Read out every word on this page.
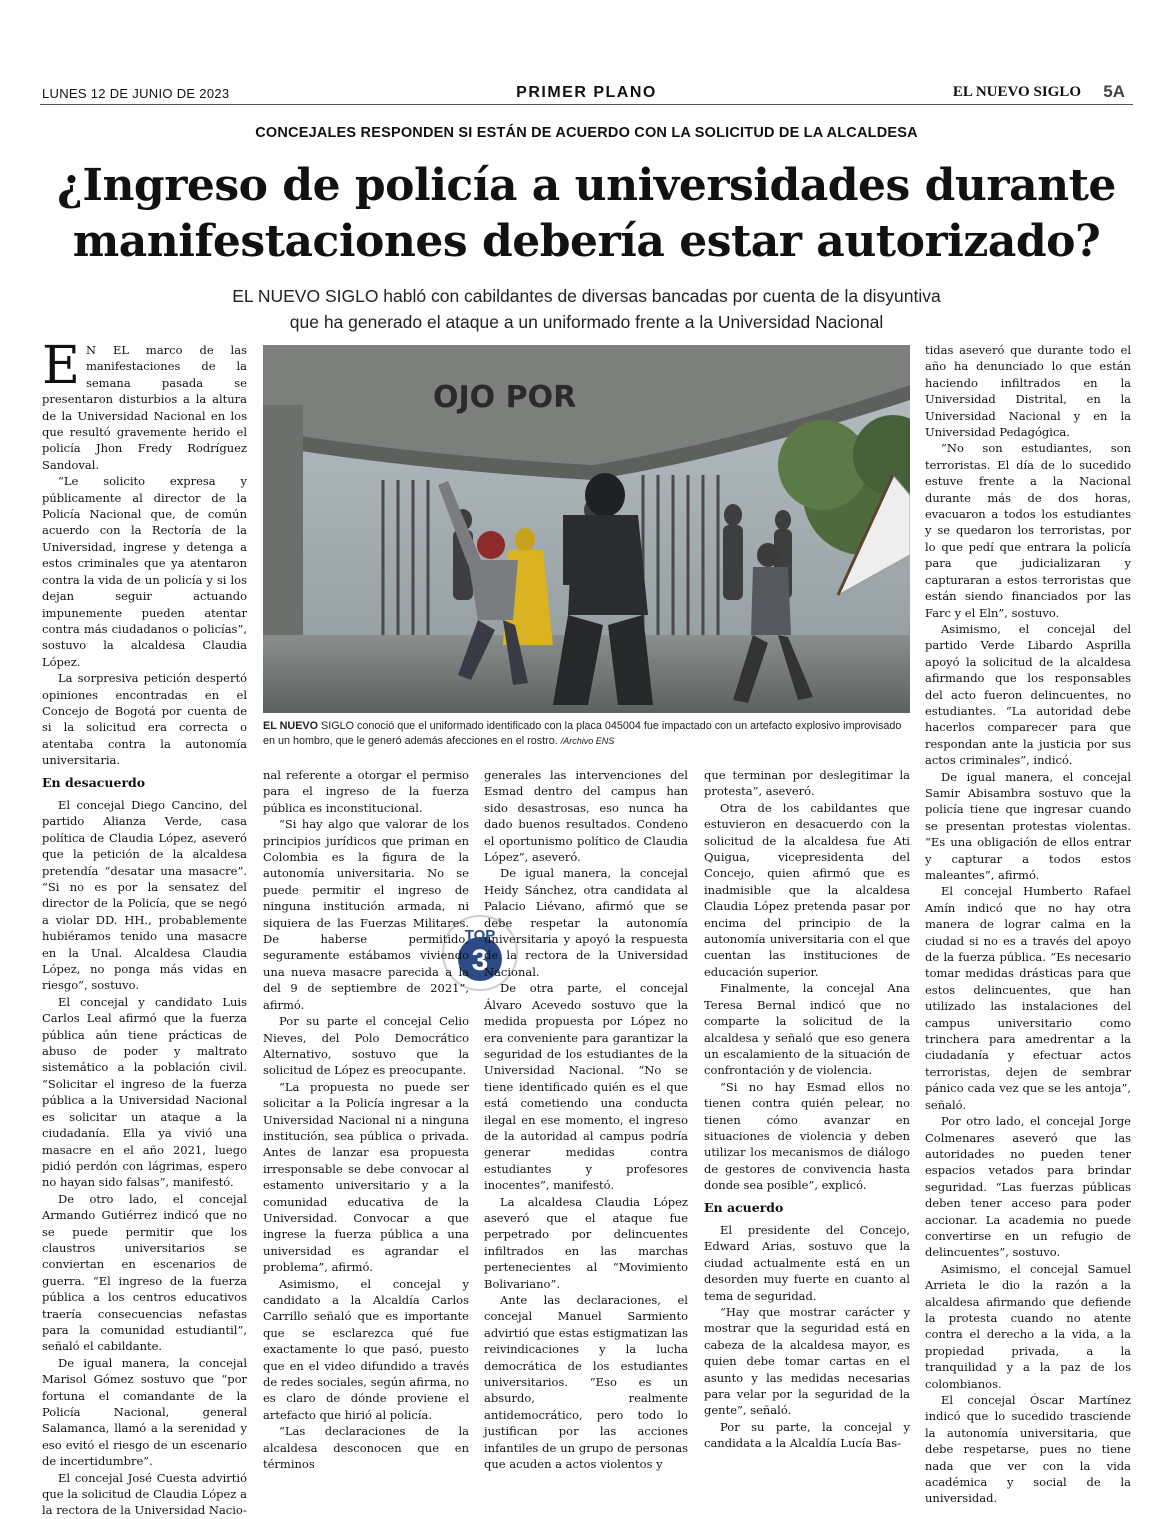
LUNES 12 DE JUNIO DE 2023	PRIMER PLANO	EL NUEVO SIGLO 5A
CONCEJALES RESPONDEN SI ESTÁN DE ACUERDO CON LA SOLICITUD DE LA ALCALDESA
¿Ingreso de policía a universidades durante
manifestaciones debería estar autorizado?
EL NUEVO SIGLO habló con cabildantes de diversas bancadas por cuenta de la disyuntiva
que ha generado el ataque a un uniformado frente a la Universidad Nacional
OJO POR
EL NUEVO SIGLO conoció que el uniformado identificado con la placa 045004 fue impactado con un artefacto explosivo improvisado en un hombro, que le generó además afecciones en el rostro. /Archivo ENS
TOP
3

E N EL marco de las manifestaciones de la semana pasada se presentaron disturbios a la altura de la Universidad Nacional en los que resultó gravemente herido el policía Jhon Fredy Rodríguez Sandoval.

“Le solicito expresa y públicamente al director de la Policía Nacional que, de común acuerdo con la Rectoría de la Universidad, ingrese y detenga a estos criminales que ya atentaron contra la vida de un policía y si los dejan seguir actuando impunemente pueden atentar contra más ciudadanos o policías”, sostuvo la alcaldesa Claudia López.

La sorpresiva petición despertó opiniones encontradas en el Concejo de Bogotá por cuenta de si la solicitud era correcta o atentaba contra la autonomía universitaria.

En desacuerdo

El concejal Diego Cancino, del partido Alianza Verde, casa política de Claudia López, aseveró que la petición de la alcaldesa pretendía “desatar una masacre”. “Si no es por la sensatez del director de la Policía, que se negó a violar DD. HH., probablemente hubiéramos tenido una masacre en la Unal. Alcaldesa Claudia López, no ponga más vidas en riesgo”, sostuvo.

El concejal y candidato Luis Carlos Leal afirmó que la fuerza pública aún tiene prácticas de abuso de poder y maltrato sistemático a la población civil. “Solicitar el ingreso de la fuerza pública a la Universidad Nacional es solicitar un ataque a la ciudadanía. Ella ya vivió una masacre en el año 2021, luego pidió perdón con lágrimas, espero no hayan sido falsas”, manifestó.

De otro lado, el concejal Armando Gutiérrez indicó que no se puede permitir que los claustros universitarios se conviertan en escenarios de guerra. “El ingreso de la fuerza pública a los centros educativos traería consecuencias nefastas para la comunidad estudiantil”, señaló el cabildante.

De igual manera, la concejal Marisol Gómez sostuvo que “por fortuna el comandante de la Policía Nacional, general Salamanca, llamó a la serenidad y eso evitó el riesgo de un escenario de incertidumbre”.

El concejal José Cuesta advirtió que la solicitud de Claudia López a la rectora de la Universidad Nacio-

nal referente a otorgar el permiso para el ingreso de la fuerza pública es inconstitucional.

“Si hay algo que valorar de los principios jurídicos que priman en Colombia es la figura de la autonomía universitaria. No se puede permitir el ingreso de ninguna institución armada, ni siquiera de las Fuerzas Militares. De haberse permitido, seguramente estábamos viviendo una nueva masacre parecida a la del 9 de septiembre de 2021”, afirmó.

Por su parte el concejal Celio Nieves, del Polo Democrático Alternativo, sostuvo que la solicitud de López es preocupante.

“La propuesta no puede ser solicitar a la Policía ingresar a la Universidad Nacional ni a ninguna institución, sea pública o privada. Antes de lanzar esa propuesta irresponsable se debe convocar al estamento universitario y a la comunidad educativa de la Universidad. Convocar a que ingrese la fuerza pública a una universidad es agrandar el problema”, afirmó.

Asimismo, el concejal y candidato a la Alcaldía Carlos Carrillo señaló que es importante que se esclarezca qué fue exactamente lo que pasó, puesto que en el video difundido a través de redes sociales, según afirma, no es claro de dónde proviene el artefacto que hirió al policía.

“Las declaraciones de la alcaldesa desconocen que en términos

generales las intervenciones del Esmad dentro del campus han sido desastrosas, eso nunca ha dado buenos resultados. Condeno el oportunismo político de Claudia López”, aseveró.

De igual manera, la concejal Heidy Sánchez, otra candidata al Palacio Liévano, afirmó que se debe respetar la autonomía universitaria y apoyó la respuesta de la rectora de la Universidad Nacional.

De otra parte, el concejal Álvaro Acevedo sostuvo que la medida propuesta por López no era conveniente para garantizar la seguridad de los estudiantes de la Universidad Nacional. “No se tiene identificado quién es el que está cometiendo una conducta ilegal en ese momento, el ingreso de la autoridad al campus podría generar medidas contra estudiantes y profesores inocentes”, manifestó.

La alcaldesa Claudia López aseveró que el ataque fue perpetrado por delincuentes infiltrados en las marchas pertenecientes al “Movimiento Bolivariano”.

Ante las declaraciones, el concejal Manuel Sarmiento advirtió que estas estigmatizan las reivindicaciones y la lucha democrática de los estudiantes universitarios. “Eso es un absurdo, realmente antidemocrático, pero todo lo justifican por las acciones infantiles de un grupo de personas que acuden a actos violentos y

que terminan por deslegitimar la protesta”, aseveró.

Otra de los cabildantes que estuvieron en desacuerdo con la solicitud de la alcaldesa fue Ati Quigua, vicepresidenta del Concejo, quien afirmó que es inadmisible que la alcaldesa Claudia López pretenda pasar por encima del principio de la autonomía universitaria con el que cuentan las instituciones de educación superior.

Finalmente, la concejal Ana Teresa Bernal indicó que no comparte la solicitud de la alcaldesa y señaló que eso genera un escalamiento de la situación de confrontación y de violencia.

“Si no hay Esmad ellos no tienen contra quién pelear, no tienen cómo avanzar en situaciones de violencia y deben utilizar los mecanismos de diálogo de gestores de convivencia hasta donde sea posible”, explicó.

En acuerdo

El presidente del Concejo, Edward Arias, sostuvo que la ciudad actualmente está en un desorden muy fuerte en cuanto al tema de seguridad.

“Hay que mostrar carácter y mostrar que la seguridad está en cabeza de la alcaldesa mayor, es quien debe tomar cartas en el asunto y las medidas necesarias para velar por la seguridad de la gente”, señaló.

Por su parte, la concejal y candidata a la Alcaldía Lucía Bas-

tidas aseveró que durante todo el año ha denunciado lo que están haciendo infiltrados en la Universidad Distrital, en la Universidad Nacional y en la Universidad Pedagógica.

“No son estudiantes, son terroristas. El día de lo sucedido estuve frente a la Nacional durante más de dos horas, evacuaron a todos los estudiantes y se quedaron los terroristas, por lo que pedí que entrara la policía para que judicializaran y capturaran a estos terroristas que están siendo financiados por las Farc y el Eln”, sostuvo.

Asimismo, el concejal del partido Verde Libardo Asprilla apoyó la solicitud de la alcaldesa afirmando que los responsables del acto fueron delincuentes, no estudiantes. “La autoridad debe hacerlos comparecer para que respondan ante la justicia por sus actos criminales”, indicó.

De igual manera, el concejal Samir Abisambra sostuvo que la policía tiene que ingresar cuando se presentan protestas violentas. “Es una obligación de ellos entrar y capturar a todos estos maleantes”, afirmó.

El concejal Humberto Rafael Amín indicó que no hay otra manera de lograr calma en la ciudad si no es a través del apoyo de la fuerza pública. “Es necesario tomar medidas drásticas para que estos delincuentes, que han utilizado las instalaciones del campus universitario como trinchera para amedrentar a la ciudadanía y efectuar actos terroristas, dejen de sembrar pánico cada vez que se les antoja”, señaló.

Por otro lado, el concejal Jorge Colmenares aseveró que las autoridades no pueden tener espacios vetados para brindar seguridad. “Las fuerzas públicas deben tener acceso para poder accionar. La academia no puede convertirse en un refugio de delincuentes”, sostuvo.

Asimismo, el concejal Samuel Arrieta le dio la razón a la alcaldesa afirmando que defiende la protesta cuando no atente contra el derecho a la vida, a la propiedad privada, a la tranquilidad y a la paz de los colombianos.

El concejal Óscar Martínez indicó que lo sucedido trasciende la autonomía universitaria, que debe respetarse, pues no tiene nada que ver con la vida académica y social de la universidad.
